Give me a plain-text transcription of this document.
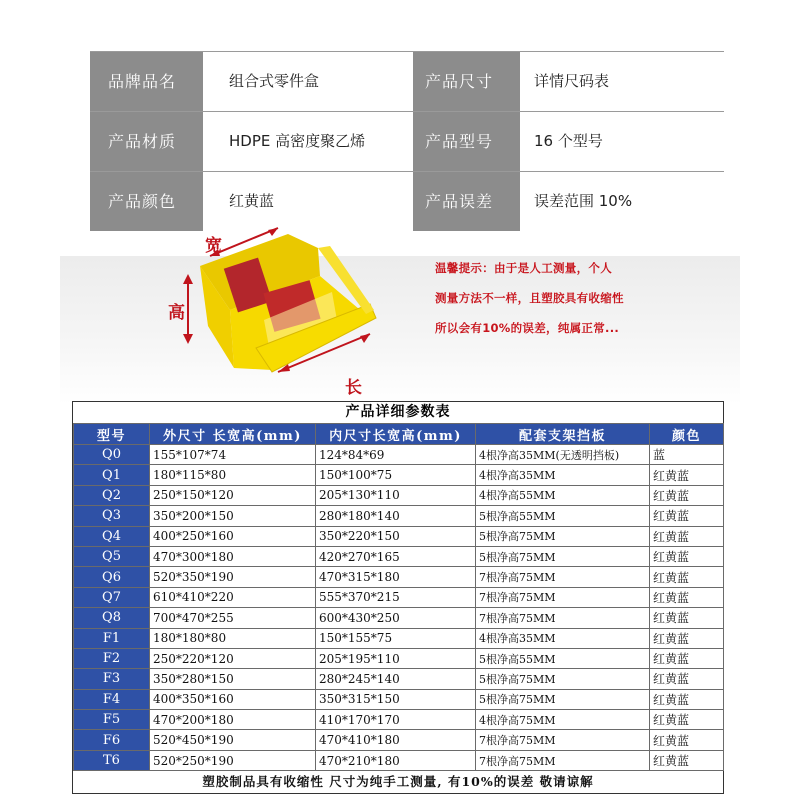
品牌品名	组合式零件盒	产品尺寸	详情尺码表
产品材质	HDPE 高密度聚乙烯	产品型号	16 个型号
产品颜色	红黄蓝	产品误差	误差范围 10%
宽
高
长
温馨提示：由于是人工测量，个人
测量方法不一样，且塑胶具有收缩性
所以会有10%的误差，纯属正常...
产品详细参数表
型号	外尺寸 长宽高(mm)	内尺寸长宽高(mm)	配套支架挡板	颜色
Q0	155*107*74	124*84*69	4根净高35MM(无透明挡板)	蓝
Q1	180*115*80	150*100*75	4根净高35MM	红黄蓝
Q2	250*150*120	205*130*110	4根净高55MM	红黄蓝
Q3	350*200*150	280*180*140	5根净高55MM	红黄蓝
Q4	400*250*160	350*220*150	5根净高75MM	红黄蓝
Q5	470*300*180	420*270*165	5根净高75MM	红黄蓝
Q6	520*350*190	470*315*180	7根净高75MM	红黄蓝
Q7	610*410*220	555*370*215	7根净高75MM	红黄蓝
Q8	700*470*255	600*430*250	7根净高75MM	红黄蓝
F1	180*180*80	150*155*75	4根净高35MM	红黄蓝
F2	250*220*120	205*195*110	5根净高55MM	红黄蓝
F3	350*280*150	280*245*140	5根净高75MM	红黄蓝
F4	400*350*160	350*315*150	5根净高75MM	红黄蓝
F5	470*200*180	410*170*170	4根净高75MM	红黄蓝
F6	520*450*190	470*410*180	7根净高75MM	红黄蓝
T6	520*250*190	470*210*180	7根净高75MM	红黄蓝
塑胶制品具有收缩性 尺寸为纯手工测量, 有10%的误差 敬请谅解
